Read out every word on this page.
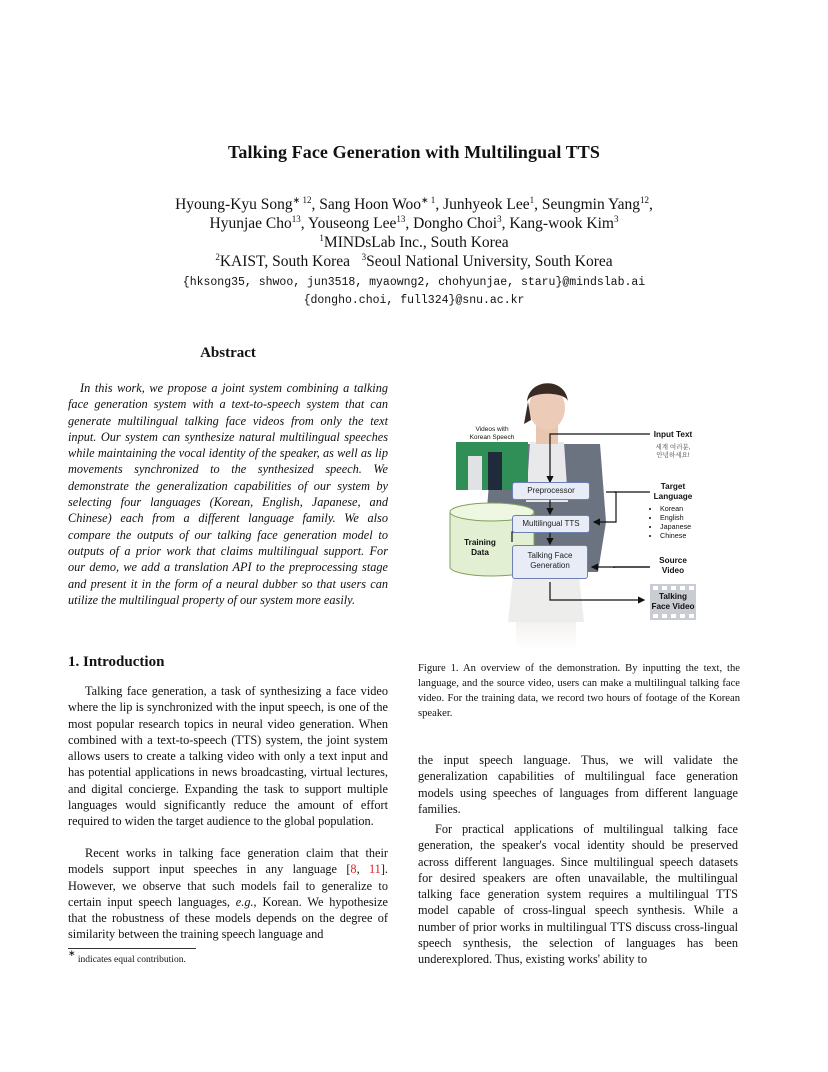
Talking Face Generation with Multilingual TTS
Hyoung-Kyu Song$^{∗ 12}$, Sang Hoon Woo$^{∗ 1}$, Junhyeok Lee$^1$, Seungmin Yang$^{12}$,
Hyunjae Cho$^{13}$, Youseong Lee$^{13}$, Dongho Choi$^3$, Kang-wook Kim$^3$
$^1$MINDsLab Inc., South Korea
$^2$KAIST, South Korea $^3$Seoul National University, South Korea
{hksong35, shwoo, jun3518, myaowng2, chohyunjae, staru}@mindslab.ai
{dongho.choi, full324}@snu.ac.kr
Abstract

In this work, we propose a joint system combining a talking face generation system with a text-to-speech system that can generate multilingual talking face videos from only the text input. Our system can synthesize natural multilingual speeches while maintaining the vocal identity of the speaker, as well as lip movements synchronized to the synthesized speech. We demonstrate the generalization capabilities of our system by selecting four languages (Korean, English, Japanese, and Chinese) each from a different language family. We also compare the outputs of our talking face generation model to outputs of a prior work that claims multilingual support. For our demo, we add a translation API to the preprocessing stage and present it in the form of a neural dubber so that users can utilize the multilingual property of our system more easily.

1. Introduction

Talking face generation, a task of synthesizing a face video where the lip is synchronized with the input speech, is one of the most popular research topics in neural video generation. When combined with a text-to-speech (TTS) system, the joint system allows users to create a talking video with only a text input and has potential applications in news broadcasting, virtual lectures, and digital concierge. Expanding the task to support multiple languages would significantly reduce the amount of effort required to widen the target audience to the global population.

Recent works in talking face generation claim that their models support input speeches in any language [8, 11]. However, we observe that such models fail to generalize to certain input speech languages, e.g., Korean. We hypothesize that the robustness of these models depends on the degree of similarity between the training speech language and

∗ indicates equal contribution.
Videos with
Korean Speech
Training
Data
Preprocessor
Multilingual TTS
Talking Face
Generation
Input Text
세계 여러분,
안녕하세요!
Target
Language
• Korean
• English
• Japanese
• Chinese
Source
Video
Talking
Face Video

Figure 1. An overview of the demonstration. By inputting the text, the language, and the source video, users can make a multilingual talking face video. For the training data, we record two hours of footage of the Korean speaker.

the input speech language. Thus, we will validate the generalization capabilities of multilingual face generation models using speeches of languages from different language families.

For practical applications of multilingual talking face generation, the speaker's vocal identity should be preserved across different languages. Since multilingual speech datasets for desired speakers are often unavailable, the multilingual talking face generation system requires a multilingual TTS model capable of cross-lingual speech synthesis. While a number of prior works in multilingual TTS discuss cross-lingual speech synthesis, the selection of languages has been underexplored. Thus, existing works' ability to
